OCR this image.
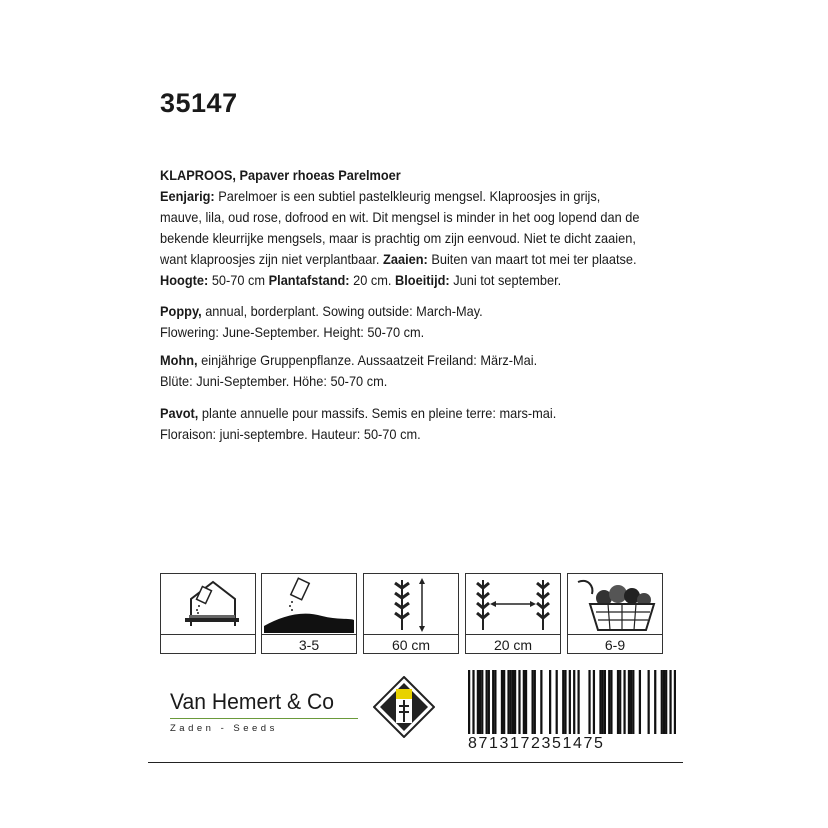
35147
KLAPROOS, Papaver rhoeas Parelmoer
Eenjarig: Parelmoer is een subtiel pastelkleurig mengsel. Klaproosjes in grijs,
mauve, lila, oud rose, dofrood en wit. Dit mengsel is minder in het oog lopend dan de
bekende kleurrijke mengsels, maar is prachtig om zijn eenvoud. Niet te dicht zaaien,
want klaproosjes zijn niet verplantbaar. Zaaien: Buiten van maart tot mei ter plaatse.
Hoogte: 50-70 cm Plantafstand: 20 cm. Bloeitijd: Juni tot september.
Poppy, annual, borderplant. Sowing outside: March-May.
Flowering: June-September. Height: 50-70 cm.
Mohn, einjährige Gruppenpflanze. Aussaatzeit Freiland: März-Mai.
Blüte: Juni-September. Höhe: 50-70 cm.
Pavot, plante annuelle pour massifs. Semis en pleine terre: mars-mai.
Floraison: juni-septembre. Hauteur: 50-70 cm.
3-5	60 cm	20 cm	6-9
Van Hemert & Co
Zaden - Seeds
8713172351475
